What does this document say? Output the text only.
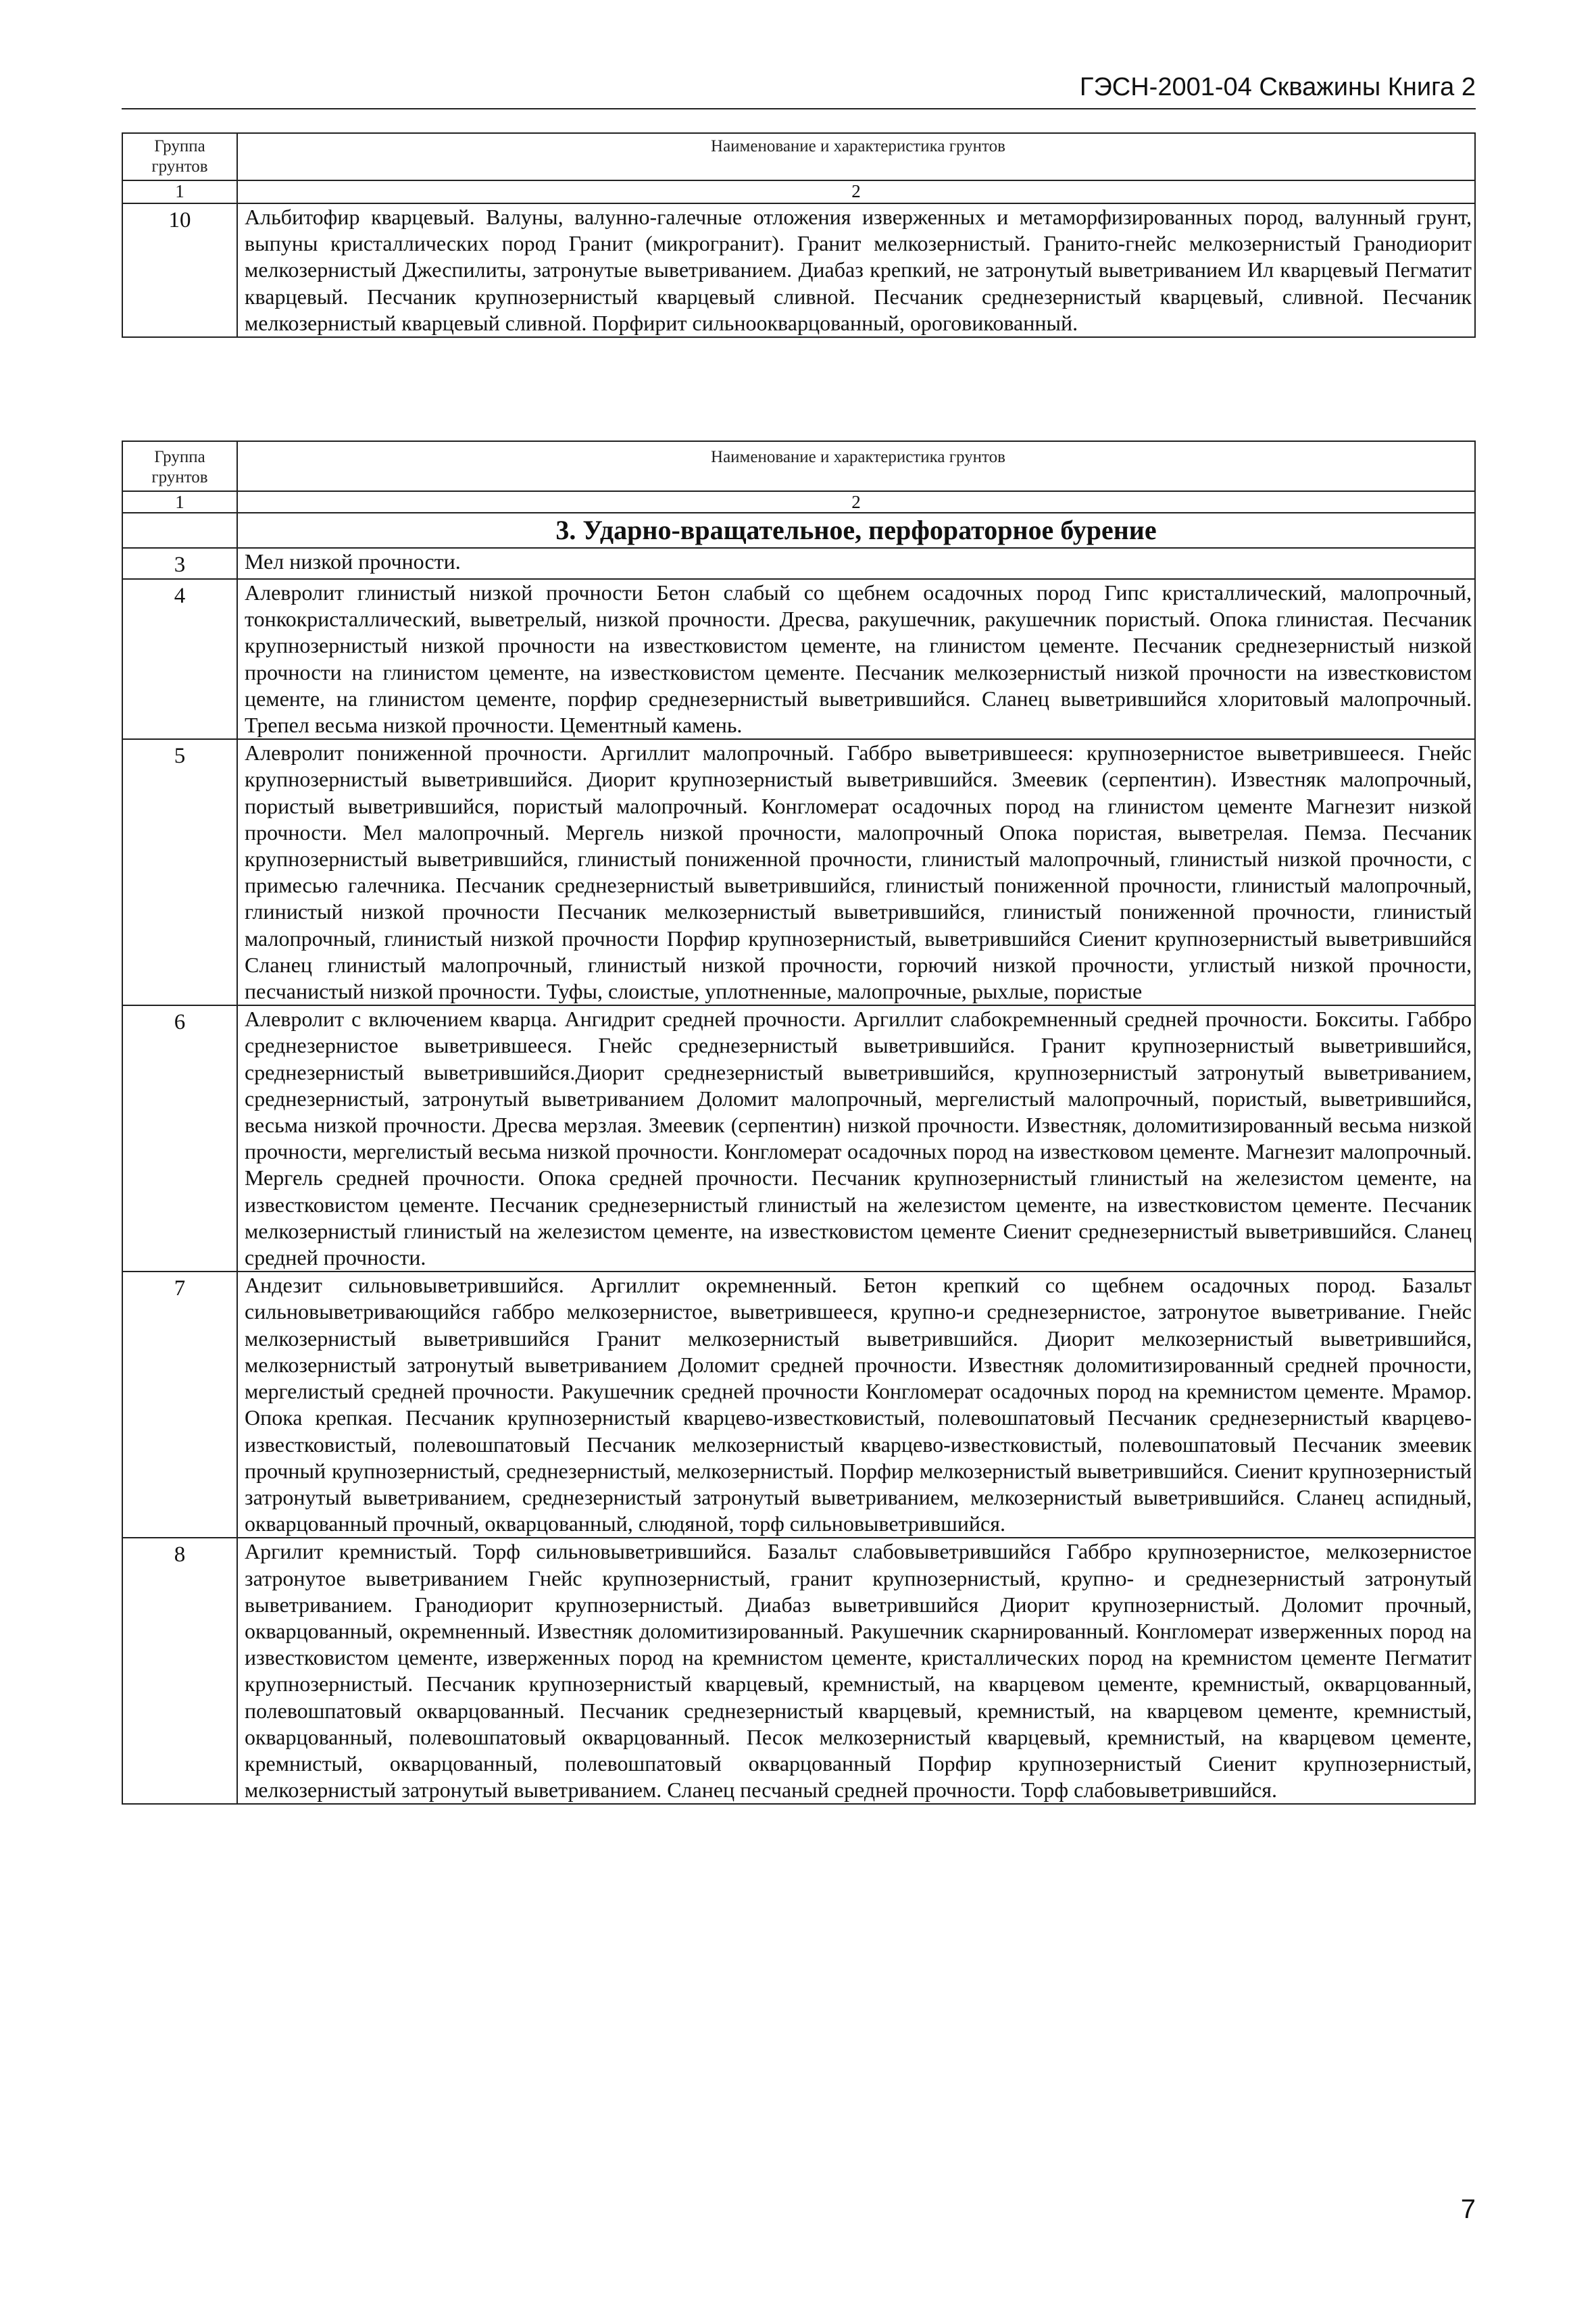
ГЭСН-2001-04 Скважины Книга 2
Группа грунтов	Наименование и характеристика грунтов

1	2

10	Альбитофир кварцевый. Валуны, валунно-галечные отложения изверженных и метаморфизированных пород, валунный грунт, выпуны кристаллических пород Гранит (микрогранит). Гранит мелкозернистый. Гранито-гнейс мелкозернистый Гранодиорит мелкозернистый Джеспилиты, затронутые выветриванием. Диабаз крепкий, не затронутый выветриванием Ил кварцевый Пегматит кварцевый. Песчаник крупнозернистый кварцевый сливной. Песчаник среднезернистый кварцевый, сливной. Песчаник мелкозернистый кварцевый сливной. Порфирит сильноокварцованный, ороговикованный.
Группа грунтов	Наименование и характеристика грунтов

1	2

	3. Ударно-вращательное, перфораторное бурение

3	Мел низкой прочности.

4	Алевролит глинистый низкой прочности Бетон слабый со щебнем осадочных пород Гипс кристаллический, малопрочный, тонкокристаллический, выветрелый, низкой прочности. Дресва, ракушечник, ракушечник пористый. Опока глинистая. Песчаник крупнозернистый низкой прочности на известковистом цементе, на глинистом цементе. Песчаник среднезернистый низкой прочности на глинистом цементе, на известковистом цементе. Песчаник мелкозернистый низкой прочности на известковистом цементе, на глинистом цементе, порфир среднезернистый выветрившийся. Сланец выветрившийся хлоритовый малопрочный. Трепел весьма низкой прочности. Цементный камень.

5	Алевролит пониженной прочности. Аргиллит малопрочный. Габбро выветрившееся: крупнозернистое выветрившееся. Гнейс крупнозернистый выветрившийся. Диорит крупнозернистый выветрившийся. Змеевик (серпентин). Известняк малопрочный, пористый выветрившийся, пористый малопрочный. Конгломерат осадочных пород на глинистом цементе Магнезит низкой прочности. Мел малопрочный. Мергель низкой прочности, малопрочный Опока пористая, выветрелая. Пемза. Песчаник крупнозернистый выветрившийся, глинистый пониженной прочности, глинистый малопрочный, глинистый низкой прочности, с примесью галечника. Песчаник среднезернистый выветрившийся, глинистый пониженной прочности, глинистый малопрочный, глинистый низкой прочности Песчаник мелкозернистый выветрившийся, глинистый пониженной прочности, глинистый малопрочный, глинистый низкой прочности Порфир крупнозернистый, выветрившийся Сиенит крупнозернистый выветрившийся Сланец глинистый малопрочный, глинистый низкой прочности, горючий низкой прочности, углистый низкой прочности, песчанистый низкой прочности. Туфы, слоистые, уплотненные, малопрочные, рыхлые, пористые

6	Алевролит с включением кварца. Ангидрит средней прочности. Аргиллит слабокремненный средней прочности. Бокситы. Габбро среднезернистое выветрившееся. Гнейс среднезернистый выветрившийся. Гранит крупнозернистый выветрившийся, среднезернистый выветрившийся.Диорит среднезернистый выветрившийся, крупнозернистый затронутый выветриванием, среднезернистый, затронутый выветриванием Доломит малопрочный, мергелистый малопрочный, пористый, выветрившийся, весьма низкой прочности. Дресва мерзлая. Змеевик (серпентин) низкой прочности. Известняк, доломитизированный весьма низкой прочности, мергелистый весьма низкой прочности. Конгломерат осадочных пород на известковом цементе. Магнезит малопрочный. Мергель средней прочности. Опока средней прочности. Песчаник крупнозернистый глинистый на железистом цементе, на известковистом цементе. Песчаник среднезернистый глинистый на железистом цементе, на известковистом цементе. Песчаник мелкозернистый глинистый на железистом цементе, на известковистом цементе Сиенит среднезернистый выветрившийся. Сланец средней прочности.

7	Андезит сильновыветрившийся. Аргиллит окремненный. Бетон крепкий со щебнем осадочных пород. Базальт сильновыветривающийся габбро мелкозернистое, выветрившееся, крупно-и среднезернистое, затронутое выветривание. Гнейс мелкозернистый выветрившийся Гранит мелкозернистый выветрившийся. Диорит мелкозернистый выветрившийся, мелкозернистый затронутый выветриванием Доломит средней прочности. Известняк доломитизированный средней прочности, мергелистый средней прочности. Ракушечник средней прочности Конгломерат осадочных пород на кремнистом цементе. Мрамор. Опока крепкая. Песчаник крупнозернистый кварцево-известковистый, полевошпатовый Песчаник среднезернистый кварцево-известковистый, полевошпатовый Песчаник мелкозернистый кварцево-известковистый, полевошпатовый Песчаник змеевик прочный крупнозернистый, среднезернистый, мелкозернистый. Порфир мелкозернистый выветрившийся. Сиенит крупнозернистый затронутый выветриванием, среднезернистый затронутый выветриванием, мелкозернистый выветрившийся. Сланец аспидный, окварцованный прочный, окварцованный, слюдяной, торф сильновыветрившийся.

8	Аргилит кремнистый. Торф сильновыветрившийся. Базальт слабовыветрившийся Габбро крупнозернистое, мелкозернистое затронутое выветриванием Гнейс крупнозернистый, гранит крупнозернистый, крупно- и среднезернистый затронутый выветриванием. Гранодиорит крупнозернистый. Диабаз выветрившийся Диорит крупнозернистый. Доломит прочный, окварцованный, окремненный. Известняк доломитизированный. Ракушечник скарнированный. Конгломерат изверженных пород на известковистом цементе, изверженных пород на кремнистом цементе, кристаллических пород на кремнистом цементе Пегматит крупнозернистый. Песчаник крупнозернистый кварцевый, кремнистый, на кварцевом цементе, кремнистый, окварцованный, полевошпатовый окварцованный. Песчаник среднезернистый кварцевый, кремнистый, на кварцевом цементе, кремнистый, окварцованный, полевошпатовый окварцованный. Песок мелкозернистый кварцевый, кремнистый, на кварцевом цементе, кремнистый, окварцованный, полевошпатовый окварцованный Порфир крупнозернистый Сиенит крупнозернистый, мелкозернистый затронутый выветриванием. Сланец песчаный средней прочности. Торф слабовыветрившийся.
7
